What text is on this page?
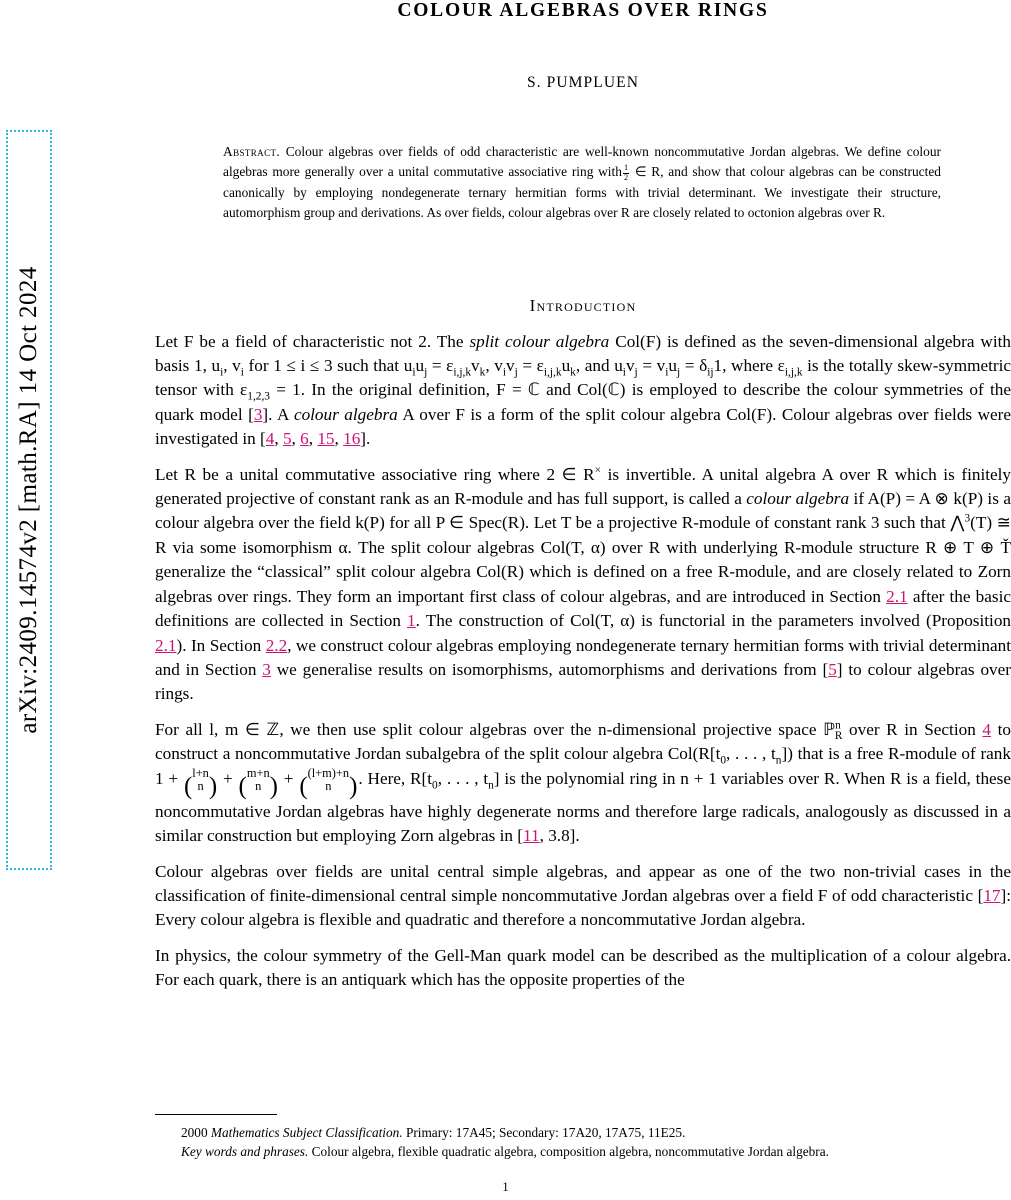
arXiv:2409.14574v2 [math.RA] 14 Oct 2024
COLOUR ALGEBRAS OVER RINGS
S. PUMPLUEN
Abstract. Colour algebras over fields of odd characteristic are well-known noncommutative Jordan algebras. We define colour algebras more generally over a unital commutative associative ring with $\frac{1}{2}$ ∈ R, and show that colour algebras can be constructed canonically by employing nondegenerate ternary hermitian forms with trivial determinant. We investigate their structure, automorphism group and derivations. As over fields, colour algebras over R are closely related to octonion algebras over R.
Introduction

Let F be a field of characteristic not 2. The split colour algebra Col(F) is defined as the seven-dimensional algebra with basis 1, $u_i$, $v_i$ for 1 ≤ i ≤ 3 such that $u_iu_j = \varepsilon_{i,j,k}v_k$, $v_iv_j = \varepsilon_{i,j,k}u_k$, and $u_iv_j = v_iu_j = \delta_{ij}1$, where $\varepsilon_{i,j,k}$ is the totally skew-symmetric tensor with $\varepsilon_{1,2,3} = 1$. In the original definition, F = ℂ and Col(ℂ) is employed to describe the colour symmetries of the quark model [3]. A colour algebra A over F is a form of the split colour algebra Col(F). Colour algebras over fields were investigated in [4, 5, 6, 15, 16].

Let R be a unital commutative associative ring where 2 ∈ R× is invertible. A unital algebra A over R which is finitely generated projective of constant rank as an R-module and has full support, is called a colour algebra if A(P) = A ⊗ k(P) is a colour algebra over the field k(P) for all P ∈ Spec(R). Let T be a projective R-module of constant rank 3 such that ⋀$^3$(T) ≅ R via some isomorphism α. The split colour algebras Col(T, α) over R with underlying R-module structure R ⊕ T ⊕ Ť generalize the “classical” split colour algebra Col(R) which is defined on a free R-module, and are closely related to Zorn algebras over rings. They form an important first class of colour algebras, and are introduced in Section 2.1 after the basic definitions are collected in Section 1. The construction of Col(T, α) is functorial in the parameters involved (Proposition 2.1). In Section 2.2, we construct colour algebras employing nondegenerate ternary hermitian forms with trivial determinant and in Section 3 we generalise results on isomorphisms, automorphisms and derivations from [5] to colour algebras over rings.

For all l, m ∈ ℤ, we then use split colour algebras over the n-dimensional projective space ℙ$^n_R$ over R in Section 4 to construct a noncommutative Jordan subalgebra of the split colour algebra $Col(R[t_0$, . . . , $t_n$]) that is a free R-module of rank 1 + ( l+n
n ) + ( m+n
n ) + ( (l+m)+n
n ). Here, $R[t_0$, . . . , $t_n$] is the polynomial ring in n + 1 variables over R. When R is a field, these noncommutative Jordan algebras have highly degenerate norms and therefore large radicals, analogously as discussed in a similar construction but employing Zorn algebras in [11, 3.8].

Colour algebras over fields are unital central simple algebras, and appear as one of the two non-trivial cases in the classification of finite-dimensional central simple noncommutative Jordan algebras over a field F of odd characteristic [17]: Every colour algebra is flexible and quadratic and therefore a noncommutative Jordan algebra.

In physics, the colour symmetry of the Gell-Man quark model can be described as the multiplication of a colour algebra. For each quark, there is an antiquark which has the opposite properties of the

2000 Mathematics Subject Classification. Primary: 17A45; Secondary: 17A20, 17A75, 11E25.
Key words and phrases. Colour algebra, flexible quadratic algebra, composition algebra, noncommutative Jordan algebra.
1
